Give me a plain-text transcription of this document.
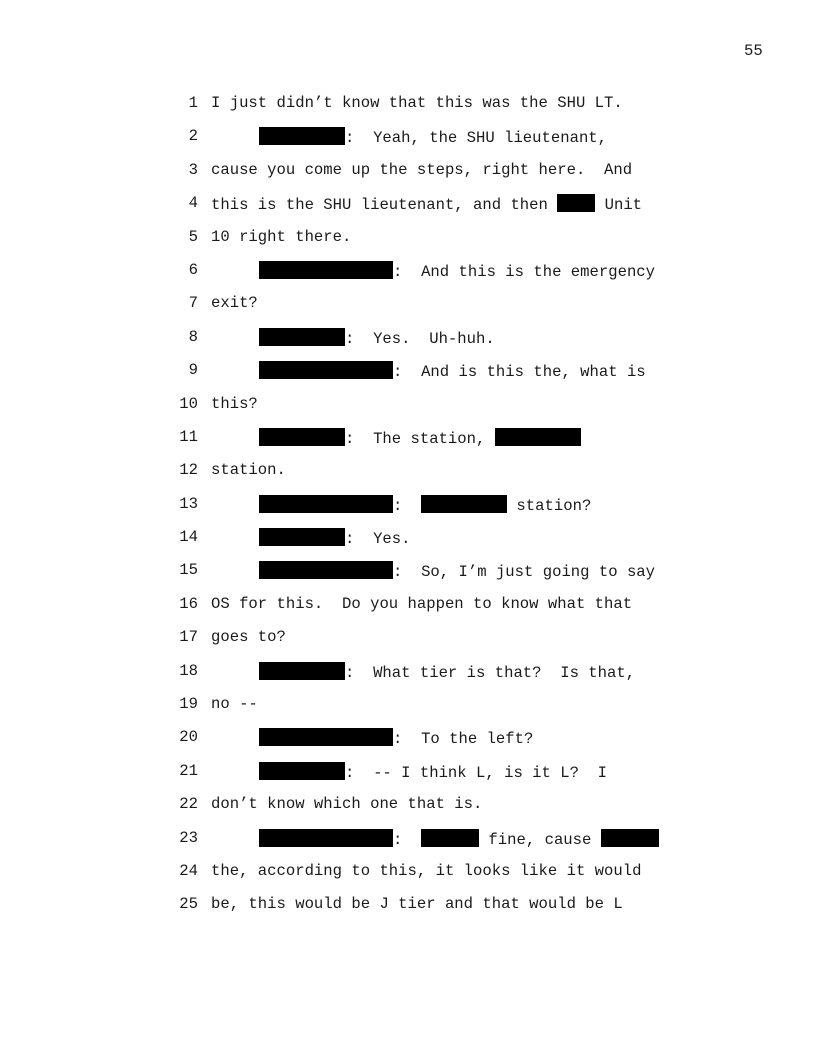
55

1

I just didn’t know that this was the SHU LT.

2

	:  Yeah, the SHU lieutenant,

3

cause you come up the steps, right here.  And

4

this is the SHU lieutenant, and then  Unit

5

10 right there.

6

	:  And this is the emergency

7

exit?

8

	:  Yes.  Uh-huh.

9

	:  And is this the, what is

10

this?

11

	:  The station,

12

station.

13

	:	station?

14

	:  Yes.

15

	:  So, I’m just going to say

16

OS for this.  Do you happen to know what that

17

goes to?

18

	:  What tier is that?  Is that,

19

no --

20

	:  To the left?

21

	:  -- I think L, is it L?  I

22

don’t know which one that is.

23

	:	fine, cause

24

the, according to this, it looks like it would

25

be, this would be J tier and that would be L
